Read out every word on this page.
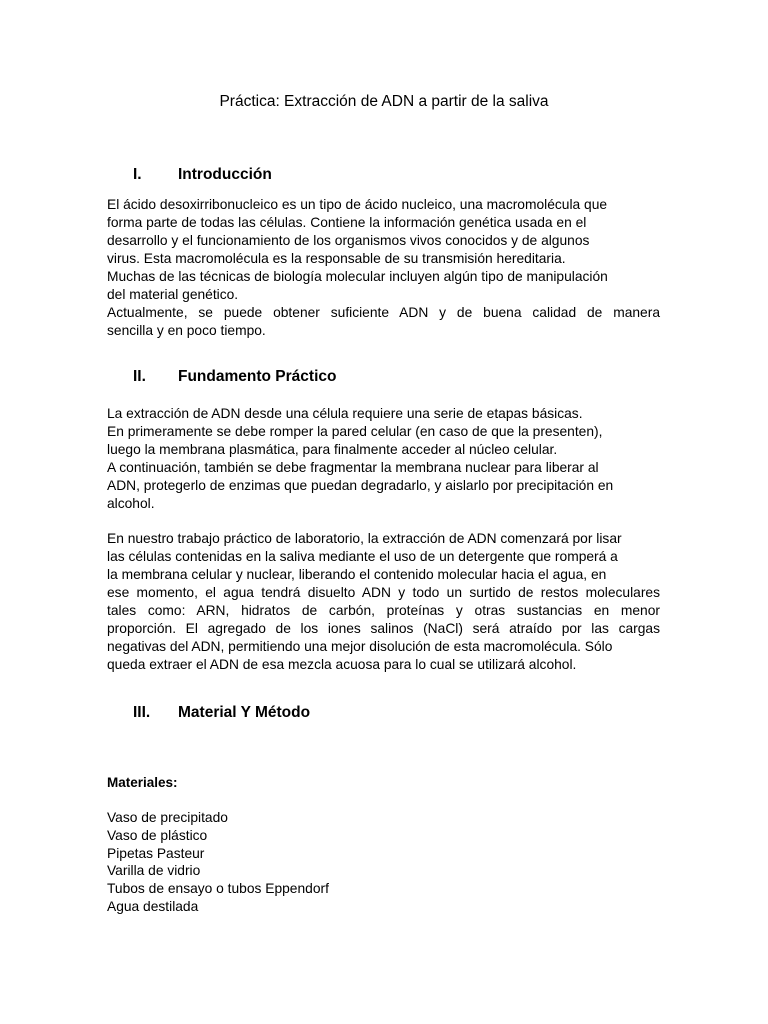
Práctica: Extracción de ADN a partir de la saliva
I. Introducción
El ácido desoxirribonucleico es un tipo de ácido nucleico, una macromolécula que
forma parte de todas las células. Contiene la información genética usada en el
desarrollo y el funcionamiento de los organismos vivos conocidos y de algunos
virus. Esta macromolécula es la responsable de su transmisión hereditaria.
Muchas de las técnicas de biología molecular incluyen algún tipo de manipulación
del material genético.
Actualmente, se puede obtener suficiente ADN y de buena calidad de manera
sencilla y en poco tiempo.
II. Fundamento Práctico
La extracción de ADN desde una célula requiere una serie de etapas básicas.
En primeramente se debe romper la pared celular (en caso de que la presenten),
luego la membrana plasmática, para finalmente acceder al núcleo celular.
A continuación, también se debe fragmentar la membrana nuclear para liberar al
ADN, protegerlo de enzimas que puedan degradarlo, y aislarlo por precipitación en
alcohol.
En nuestro trabajo práctico de laboratorio, la extracción de ADN comenzará por lisar
las células contenidas en la saliva mediante el uso de un detergente que romperá a
la membrana celular y nuclear, liberando el contenido molecular hacia el agua, en
ese momento, el agua tendrá disuelto ADN y todo un surtido de restos moleculares
tales como: ARN, hidratos de carbón, proteínas y otras sustancias en menor
proporción. El agregado de los iones salinos (NaCl) será atraído por las cargas
negativas del ADN, permitiendo una mejor disolución de esta macromolécula. Sólo
queda extraer el ADN de esa mezcla acuosa para lo cual se utilizará alcohol.
III. Material Y Método
Materiales:
Vaso de precipitado
Vaso de plástico
Pipetas Pasteur
Varilla de vidrio
Tubos de ensayo o tubos Eppendorf
Agua destilada
